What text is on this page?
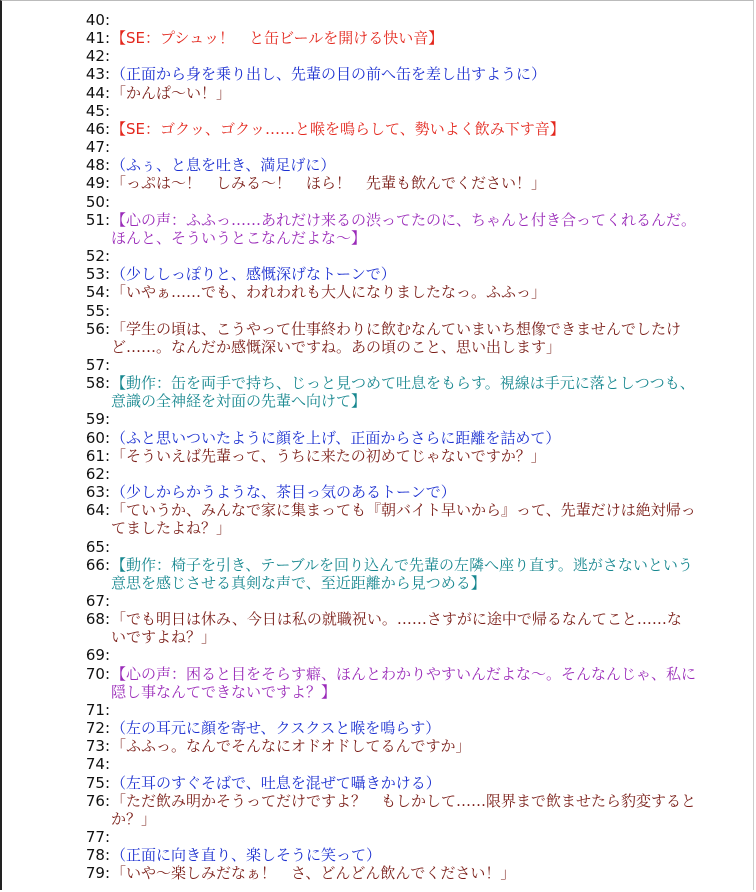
40:
41: 【SE：プシュッ！　と缶ビールを開ける快い音】
42:
43: （正面から身を乗り出し、先輩の目の前へ缶を差し出すように）
44: 「かんぱ～い！」
45:
46: 【SE：ゴクッ、ゴクッ……と喉を鳴らして、勢いよく飲み下す音】
47:
48: （ふぅ、と息を吐き、満足げに）
49: 「っぷは～！　しみる～！　ほら！　先輩も飲んでください！」
50:
51: 【心の声：ふふっ……あれだけ来るの渋ってたのに、ちゃんと付き合ってくれるんだ。ほんと、そういうとこなんだよな～】
52:
53: （少ししっぽりと、感慨深げなトーンで）
54: 「いやぁ……でも、われわれも大人になりましたなっ。ふふっ」
55:
56: 「学生の頃は、こうやって仕事終わりに飲むなんていまいち想像できませんでしたけど……。なんだか感慨深いですね。あの頃のこと、思い出します」
57:
58: 【動作：缶を両手で持ち、じっと見つめて吐息をもらす。視線は手元に落としつつも、意識の全神経を対面の先輩へ向けて】
59:
60: （ふと思いついたように顔を上げ、正面からさらに距離を詰めて）
61: 「そういえば先輩って、うちに来たの初めてじゃないですか？」
62:
63: （少しからかうような、茶目っ気のあるトーンで）
64: 「ていうか、みんなで家に集まっても『朝バイト早いから』って、先輩だけは絶対帰ってましたよね？」
65:
66: 【動作：椅子を引き、テーブルを回り込んで先輩の左隣へ座り直す。逃がさないという意思を感じさせる真剣な声で、至近距離から見つめる】
67:
68: 「でも明日は休み、今日は私の就職祝い。……さすがに途中で帰るなんてこと……ないですよね？」
69:
70: 【心の声：困ると目をそらす癖、ほんとわかりやすいんだよな～。そんなんじゃ、私に隠し事なんてできないですよ？】
71:
72: （左の耳元に顔を寄せ、クスクスと喉を鳴らす）
73: 「ふふっ。なんでそんなにオドオドしてるんですか」
74:
75: （左耳のすぐそばで、吐息を混ぜて囁きかける）
76: 「ただ飲み明かそうってだけですよ？　もしかして……限界まで飲ませたら豹変するとか？」
77:
78: （正面に向き直り、楽しそうに笑って）
79: 「いや～楽しみだなぁ！　さ、どんどん飲んでください！」
